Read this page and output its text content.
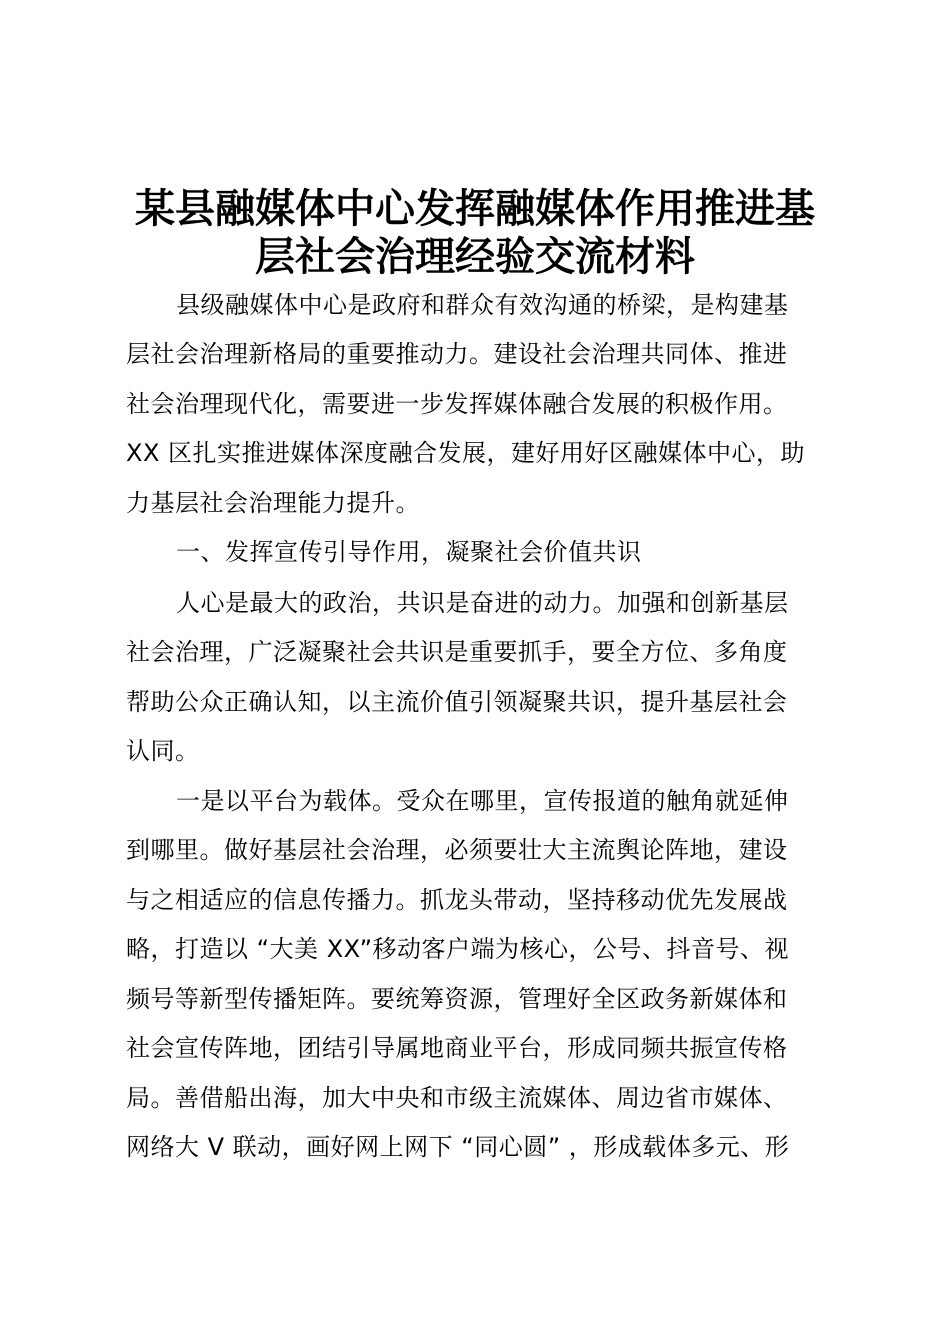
某县融媒体中心发挥融媒体作用推进基
层社会治理经验交流材料

县级融媒体中心是政府和群众有效沟通的桥梁，是构建基

层社会治理新格局的重要推动力。建设社会治理共同体、推进

社会治理现代化，需要进一步发挥媒体融合发展的积极作用。

XX 区扎实推进媒体深度融合发展，建好用好区融媒体中心，助

力基层社会治理能力提升。

一、发挥宣传引导作用，凝聚社会价值共识

人心是最大的政治，共识是奋进的动力。加强和创新基层

社会治理，广泛凝聚社会共识是重要抓手，要全方位、多角度

帮助公众正确认知，以主流价值引领凝聚共识，提升基层社会

认同。

一是以平台为载体。受众在哪里，宣传报道的触角就延伸

到哪里。做好基层社会治理，必须要壮大主流舆论阵地，建设

与之相适应的信息传播力。抓龙头带动，坚持移动优先发展战

略，打造以 “大美 XX”移动客户端为核心，公号、抖音号、视

频号等新型传播矩阵。要统筹资源，管理好全区政务新媒体和

社会宣传阵地，团结引导属地商业平台，形成同频共振宣传格

局。善借船出海，加大中央和市级主流媒体、周边省市媒体、

网络大 V 联动，画好网上网下 “同心圆” ，形成载体多元、形
